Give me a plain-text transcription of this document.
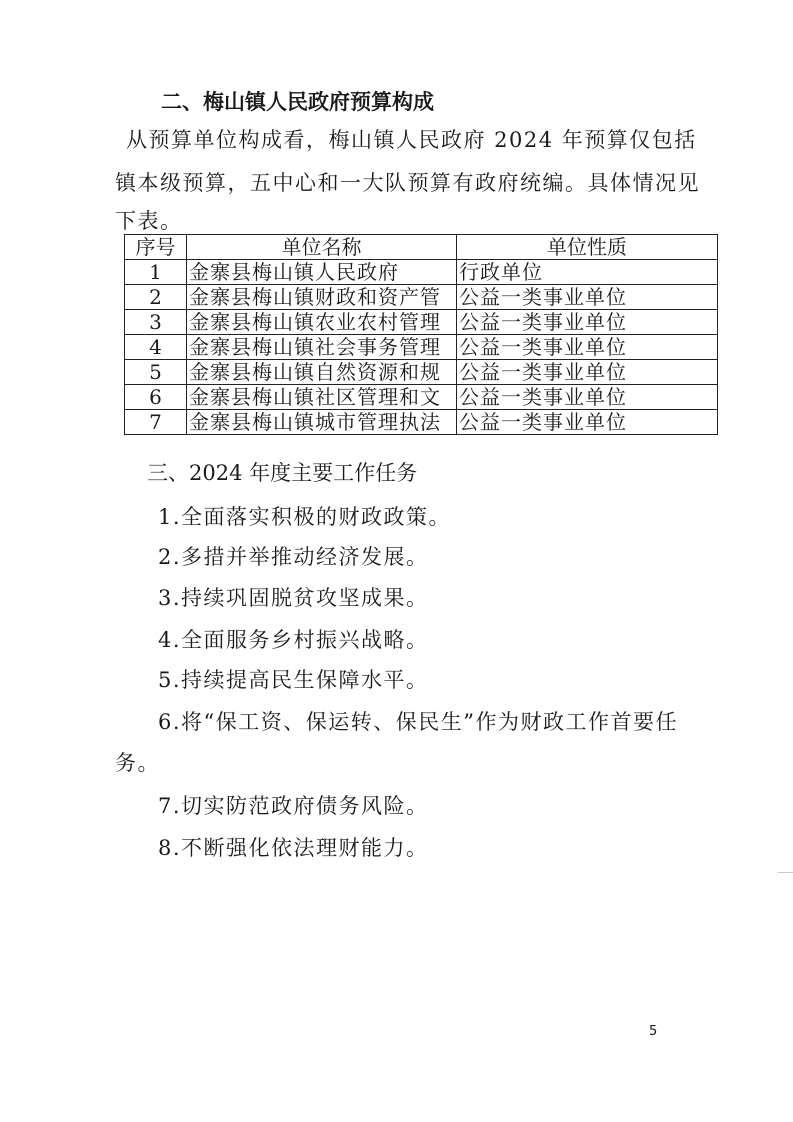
二、梅山镇人民政府预算构成
从预算单位构成看，梅山镇人民政府 2024 年预算仅包括
镇本级预算，五中心和一大队预算有政府统编。具体情况见
下表。
序号	单位名称	单位性质
1	金寨县梅山镇人民政府	行政单位
2	金寨县梅山镇财政和资产管	公益一类事业单位
3	金寨县梅山镇农业农村管理	公益一类事业单位
4	金寨县梅山镇社会事务管理	公益一类事业单位
5	金寨县梅山镇自然资源和规	公益一类事业单位
6	金寨县梅山镇社区管理和文	公益一类事业单位
7	金寨县梅山镇城市管理执法	公益一类事业单位
三、2024 年度主要工作任务
1.全面落实积极的财政政策。
2.多措并举推动经济发展。
3.持续巩固脱贫攻坚成果。
4.全面服务乡村振兴战略。
5.持续提高民生保障水平。
6.将“保工资、保运转、保民生”作为财政工作首要任
务。
7.切实防范政府债务风险。
8.不断强化依法理财能力。
5
